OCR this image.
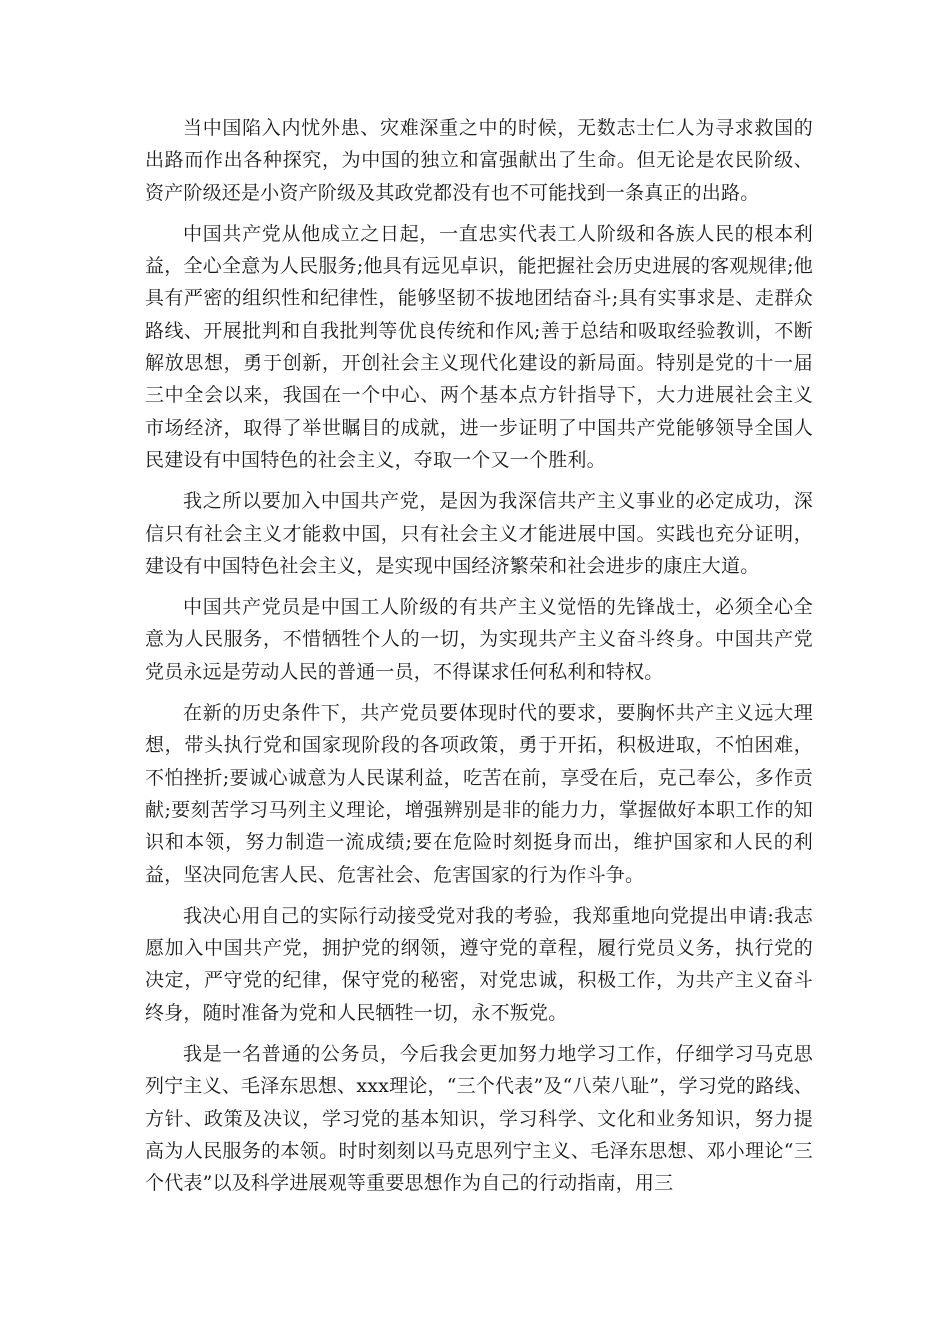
当中国陷入内忧外患、灾难深重之中的时候，无数志士仁人为寻求救国的出路而作出各种探究，为中国的独立和富强献出了生命。但无论是农民阶级、资产阶级还是小资产阶级及其政党都没有也不可能找到一条真正的出路。

中国共产党从他成立之日起，一直忠实代表工人阶级和各族人民的根本利益，全心全意为人民服务;他具有远见卓识，能把握社会历史进展的客观规律;他具有严密的组织性和纪律性，能够坚韧不拔地团结奋斗;具有实事求是、走群众路线、开展批判和自我批判等优良传统和作风;善于总结和吸取经验教训，不断解放思想，勇于创新，开创社会主义现代化建设的新局面。特别是党的十一届三中全会以来，我国在一个中心、两个基本点方针指导下，大力进展社会主义市场经济，取得了举世瞩目的成就，进一步证明了中国共产党能够领导全国人民建设有中国特色的社会主义，夺取一个又一个胜利。

我之所以要加入中国共产党，是因为我深信共产主义事业的必定成功，深信只有社会主义才能救中国，只有社会主义才能进展中国。实践也充分证明，建设有中国特色社会主义，是实现中国经济繁荣和社会进步的康庄大道。

中国共产党员是中国工人阶级的有共产主义觉悟的先锋战士，必须全心全意为人民服务，不惜牺牲个人的一切，为实现共产主义奋斗终身。中国共产党党员永远是劳动人民的普通一员，不得谋求任何私利和特权。

在新的历史条件下，共产党员要体现时代的要求，要胸怀共产主义远大理想，带头执行党和国家现阶段的各项政策，勇于开拓，积极进取，不怕困难，不怕挫折;要诚心诚意为人民谋利益，吃苦在前，享受在后，克己奉公，多作贡献;要刻苦学习马列主义理论，增强辨别是非的能力力，掌握做好本职工作的知识和本领，努力制造一流成绩;要在危险时刻挺身而出，维护国家和人民的利益，坚决同危害人民、危害社会、危害国家的行为作斗争。

我决心用自己的实际行动接受党对我的考验，我郑重地向党提出申请:我志愿加入中国共产党，拥护党的纲领，遵守党的章程，履行党员义务，执行党的决定，严守党的纪律，保守党的秘密，对党忠诚，积极工作，为共产主义奋斗终身，随时准备为党和人民牺牲一切，永不叛党。

我是一名普通的公务员，今后我会更加努力地学习工作，仔细学习马克思列宁主义、毛泽东思想、xxx理论，“三个代表”及“八荣八耻”，学习党的路线、方针、政策及决议，学习党的基本知识，学习科学、文化和业务知识，努力提高为人民服务的本领。时时刻刻以马克思列宁主义、毛泽东思想、邓小理论“三个代表”以及科学进展观等重要思想作为自己的行动指南，用三
